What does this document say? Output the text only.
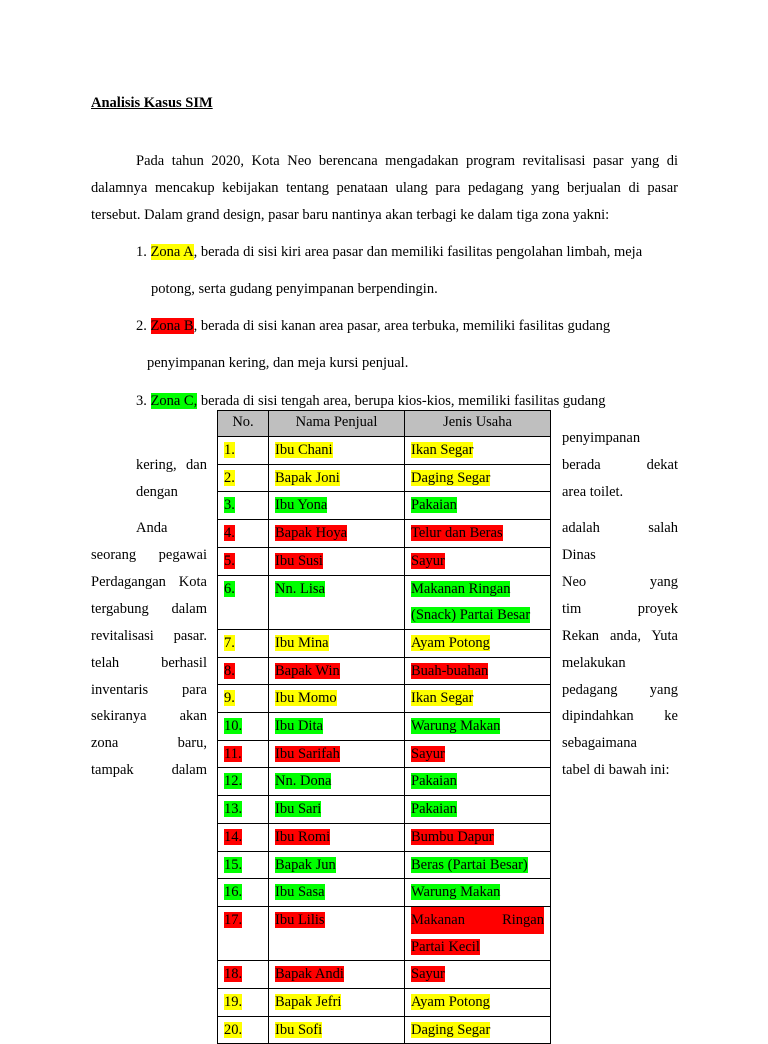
Analisis Kasus SIM
Pada tahun 2020, Kota Neo berencana mengadakan program revitalisasi pasar yang di
dalamnya mencakup kebijakan tentang penataan ulang para pedagang yang berjualan di pasar
tersebut. Dalam grand design, pasar baru nantinya akan terbagi ke dalam tiga zona yakni:
1. Zona A, berada di sisi kiri area pasar dan memiliki fasilitas pengolahan limbah, meja
potong, serta gudang penyimpanan berpendingin.
2. Zona B, berada di sisi kanan area pasar, area terbuka, memiliki fasilitas gudang
penyimpanan kering, dan meja kursi penjual.
3. Zona C, berada di sisi tengah area, berupa kios-kios, memiliki fasilitas gudang
kering, dan
dengan
Anda
seorang pegawai
Perdagangan Kota
tergabung dalam
revitalisasi pasar.
telah berhasil
inventaris para
sekiranya akan
zona baru,
tampak dalam
penyimpanan
berada dekat
area toilet.
adalah salah
Dinas
Neo yang
tim proyek
Rekan anda, Yuta
melakukan
pedagang yang
dipindahkan ke
sebagaimana
tabel di bawah ini:
No.	Nama Penjual	Jenis Usaha
1.	Ibu Chani	Ikan Segar
2.	Bapak Joni	Daging Segar
3.	Ibu Yona	Pakaian
4.	Bapak Hoya	Telur dan Beras
5.	Ibu Susi	Sayur
6.	Nn. Lisa	Makanan Ringan
(Snack) Partai Besar
7.	Ibu Mina	Ayam Potong
8.	Bapak Win	Buah-buahan
9.	Ibu Momo	Ikan Segar
10.	Ibu Dita	Warung Makan
11.	Ibu Sarifah	Sayur
12.	Nn. Dona	Pakaian
13.	Ibu Sari	Pakaian
14.	Ibu Romi	Bumbu Dapur
15.	Bapak Jun	Beras (Partai Besar)
16.	Ibu Sasa	Warung Makan
17.	Ibu Lilis	Makanan Ringan
Partai Kecil
18.	Bapak Andi	Sayur
19.	Bapak Jefri	Ayam Potong
20.	Ibu Sofi	Daging Segar
